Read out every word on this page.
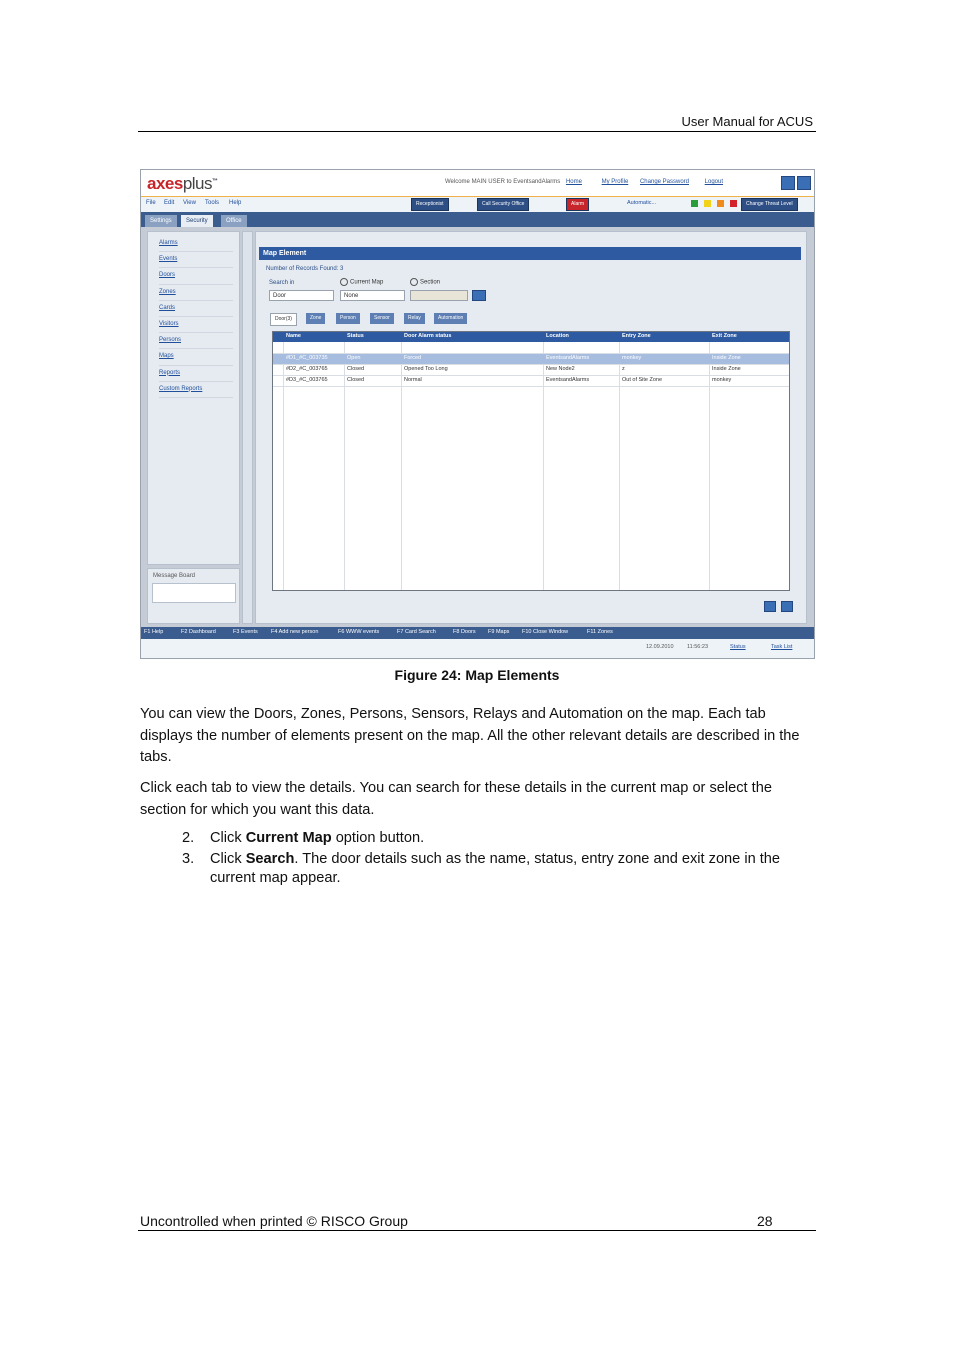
User Manual for ACUS
axesplus™	Welcome MAIN USER to EventsandAlarms Home	My Profile Change Password	Logout
File Edit View Tools Help	Receptionist	Call Security Office	Alarm	Automatic...	Change Threat Level
Settings	Security	Office
Alarms
Events
Doors
Zones
Cards
Visitors
Persons
Maps
Reports
Custom Reports
Message Board
Map Element
Number of Records Found: 3
Search in	Current Map	Section
Door	None
Door(3)	Zone	Person	Sensor	Relay	Automation
Name	Status	Door Alarm status	Location	Entry Zone	Exit Zone
#D1_#C_003735	Open	Forced	EventsandAlarms	monkey	Inside Zone
#D2_#C_003765	Closed	Opened Too Long	New Node2	z	Inside Zone
#D3_#C_003765	Closed	Normal	EventsandAlarms	Out of Site Zone	monkey
F1 Help	F2 Dashboard	F3 Events F4 Add new person	F6 WWW events	F7 Card Search	F8 Doors F9 Maps F10 Close Window	F11 Zones
12.09.2010 11:56:23	Status	Task List
Figure 24: Map Elements
You can view the Doors, Zones, Persons, Sensors, Relays and Automation on the map. Each tab displays the number of elements present on the map. All the other relevant details are described in the tabs.
Click each tab to view the details. You can search for these details in the current map or select the section for which you want this data.
2. Click Current Map option button.
3. Click Search. The door details such as the name, status, entry zone and exit zone in the current map appear.
Uncontrolled when printed © RISCO Group	28
